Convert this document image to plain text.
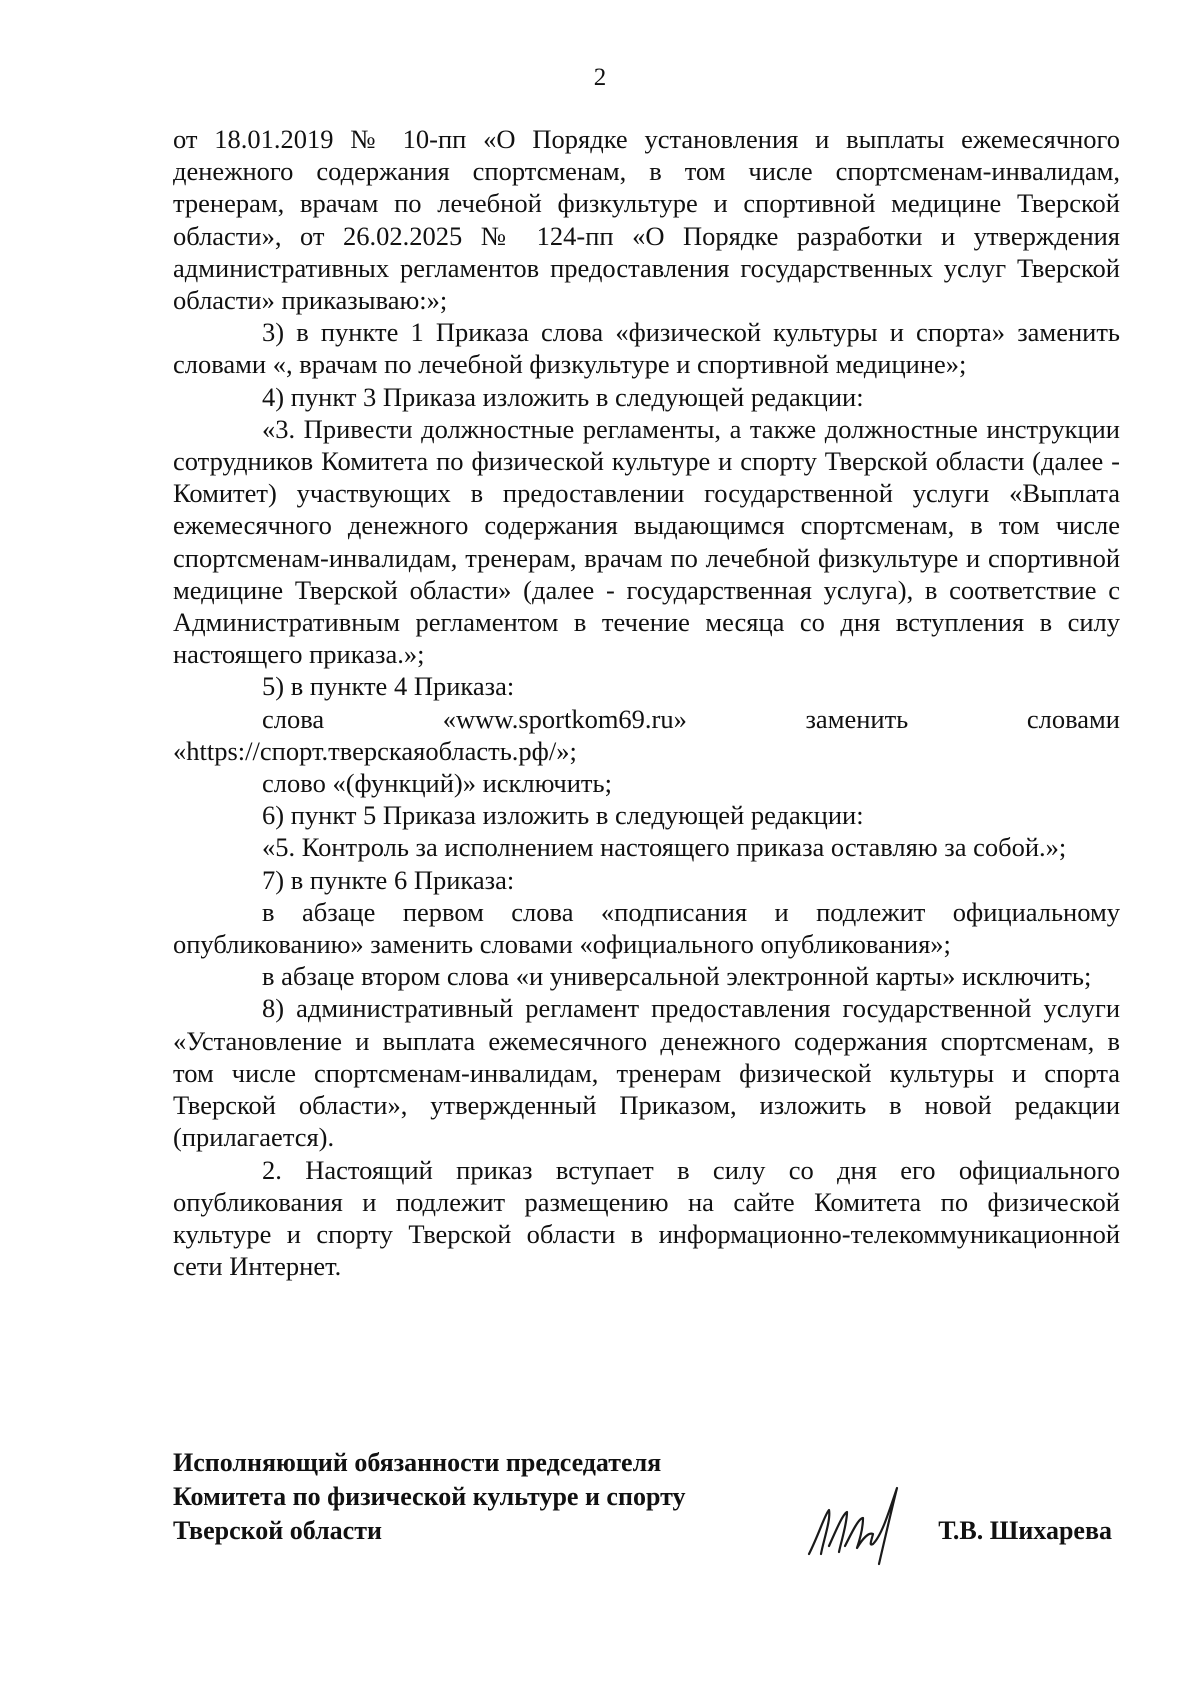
2

от 18.01.2019 № 10-пп «О Порядке установления и выплаты ежемесячного денежного содержания спортсменам, в том числе спортсменам-инвалидам, тренерам, врачам по лечебной физкультуре и спортивной медицине Тверской области», от 26.02.2025 № 124-пп «О Порядке разработки и утверждения административных регламентов предоставления государственных услуг Тверской области» приказываю:»;

3) в пункте 1 Приказа слова «физической культуры и спорта» заменить словами «, врачам по лечебной физкультуре и спортивной медицине»;

4) пункт 3 Приказа изложить в следующей редакции:

«3. Привести должностные регламенты, а также должностные инструкции сотрудников Комитета по физической культуре и спорту Тверской области (далее - Комитет) участвующих в предоставлении государственной услуги «Выплата ежемесячного денежного содержания выдающимся спортсменам, в том числе спортсменам-инвалидам, тренерам, врачам по лечебной физкультуре и спортивной медицине Тверской области» (далее - государственная услуга), в соответствие с Административным регламентом в течение месяца со дня вступления в силу настоящего приказа.»;

5) в пункте 4 Приказа:

слова	«www.sportkom69.ru»	заменить	словами

«https://спорт.тверскаяобласть.рф/»;

слово «(функций)» исключить;

6) пункт 5 Приказа изложить в следующей редакции:

«5. Контроль за исполнением настоящего приказа оставляю за собой.»;

7) в пункте 6 Приказа:

в абзаце первом слова «подписания и подлежит официальному опубликованию» заменить словами «официального опубликования»;

в абзаце втором слова «и универсальной электронной карты» исключить;

8) административный регламент предоставления государственной услуги «Установление и выплата ежемесячного денежного содержания спортсменам, в том числе спортсменам-инвалидам, тренерам физической культуры и спорта Тверской области», утвержденный Приказом, изложить в новой редакции (прилагается).

2. Настоящий приказ вступает в силу со дня его официального опубликования и подлежит размещению на сайте Комитета по физической культуре и спорту Тверской области в информационно-телекоммуникационной сети Интернет.

Исполняющий обязанности председателя
Комитета по физической культуре и спорту
Тверской области	Т.В. Шихарева
